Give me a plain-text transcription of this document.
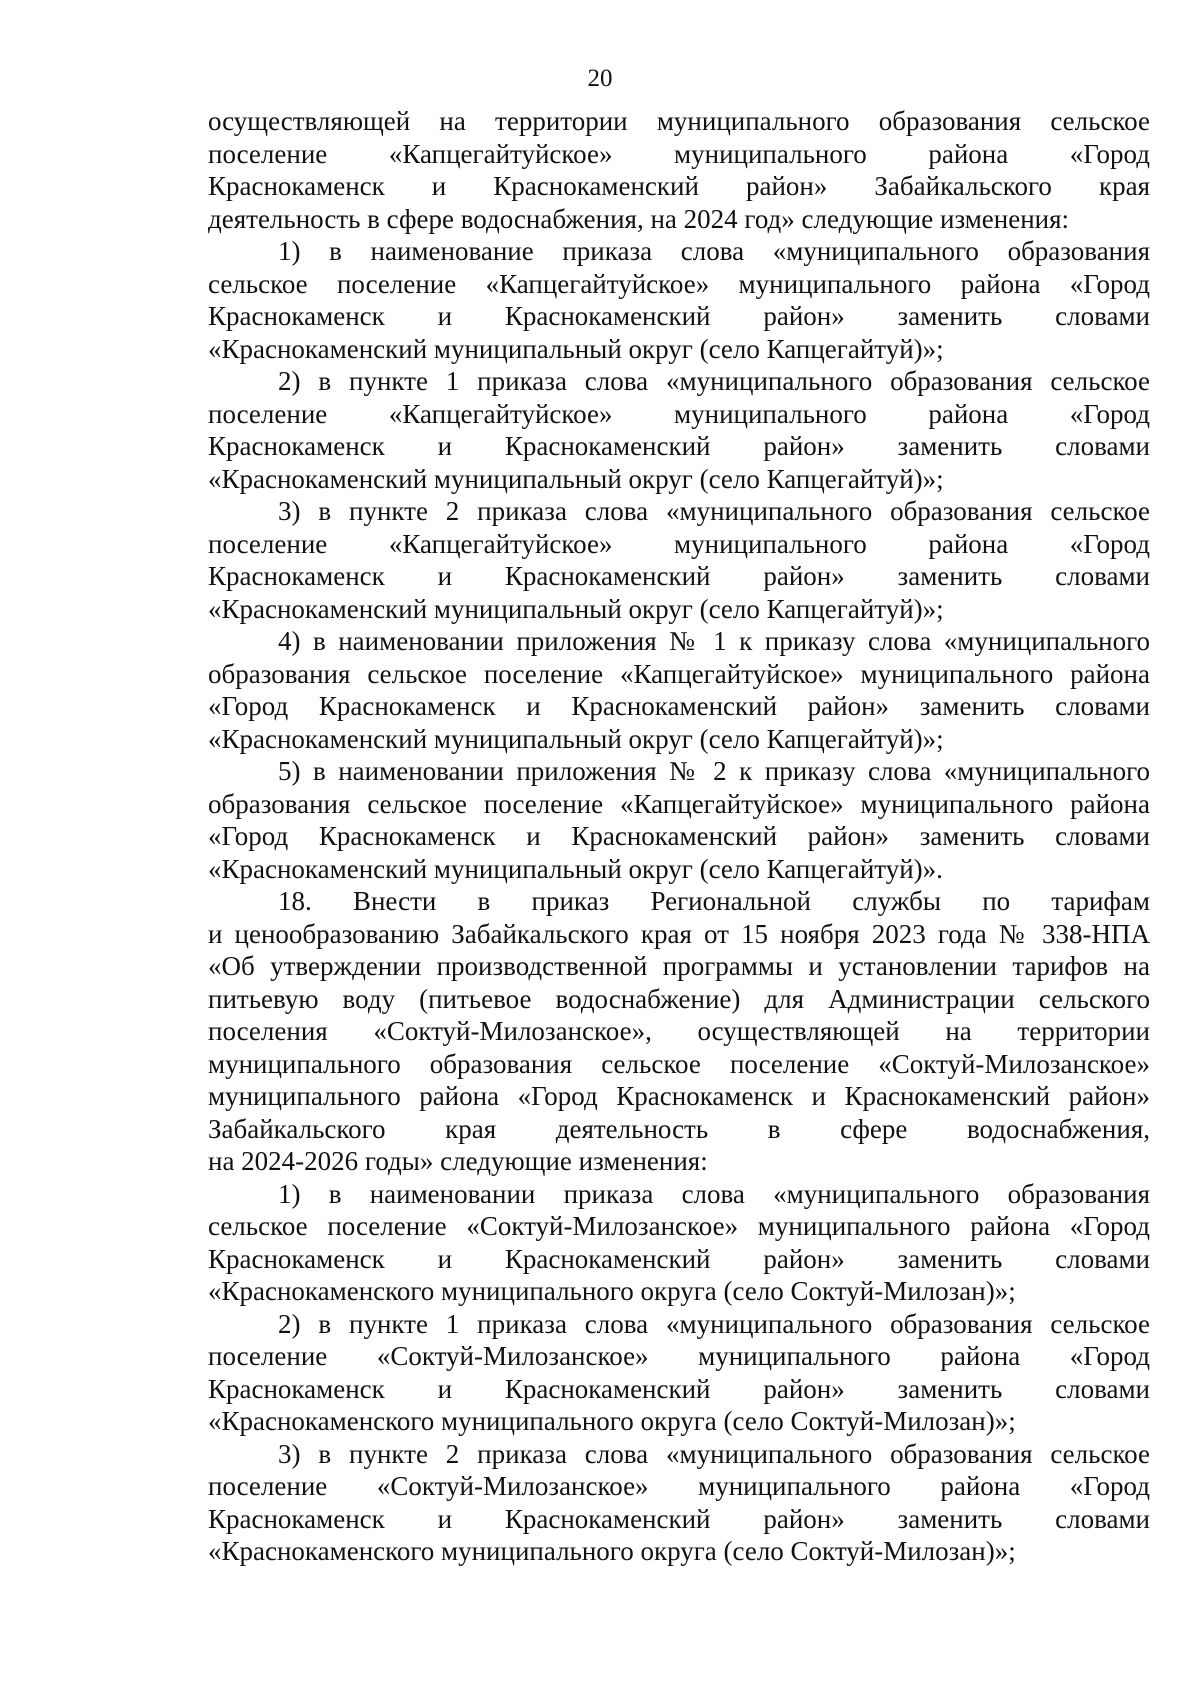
20
осуществляющей на территории муниципального образования сельское
поселение «Капцегайтуйское» муниципального района «Город
Краснокаменск и Краснокаменский район» Забайкальского края
деятельность в сфере водоснабжения, на 2024 год» следующие изменения:
1) в наименование приказа слова «муниципального образования
сельское поселение «Капцегайтуйское» муниципального района «Город
Краснокаменск и Краснокаменский район» заменить словами
«Краснокаменский муниципальный округ (село Капцегайтуй)»;
2) в пункте 1 приказа слова «муниципального образования сельское
поселение «Капцегайтуйское» муниципального района «Город
Краснокаменск и Краснокаменский район» заменить словами
«Краснокаменский муниципальный округ (село Капцегайтуй)»;
3) в пункте 2 приказа слова «муниципального образования сельское
поселение «Капцегайтуйское» муниципального района «Город
Краснокаменск и Краснокаменский район» заменить словами
«Краснокаменский муниципальный округ (село Капцегайтуй)»;
4) в наименовании приложения № 1 к приказу слова «муниципального
образования сельское поселение «Капцегайтуйское» муниципального района
«Город Краснокаменск и Краснокаменский район» заменить словами
«Краснокаменский муниципальный округ (село Капцегайтуй)»;
5) в наименовании приложения № 2 к приказу слова «муниципального
образования сельское поселение «Капцегайтуйское» муниципального района
«Город Краснокаменск и Краснокаменский район» заменить словами
«Краснокаменский муниципальный округ (село Капцегайтуй)».
18. Внести в приказ Региональной службы по тарифам
и ценообразованию Забайкальского края от 15 ноября 2023 года № 338-НПА
«Об утверждении производственной программы и установлении тарифов на
питьевую воду (питьевое водоснабжение) для Администрации сельского
поселения «Соктуй-Милозанское», осуществляющей на территории
муниципального образования сельское поселение «Соктуй-Милозанское»
муниципального района «Город Краснокаменск и Краснокаменский район»
Забайкальского края деятельность в сфере водоснабжения,
на 2024-2026 годы» следующие изменения:
1) в наименовании приказа слова «муниципального образования
сельское поселение «Соктуй-Милозанское» муниципального района «Город
Краснокаменск и Краснокаменский район» заменить словами
«Краснокаменского муниципального округа (село Соктуй-Милозан)»;
2) в пункте 1 приказа слова «муниципального образования сельское
поселение «Соктуй-Милозанское» муниципального района «Город
Краснокаменск и Краснокаменский район» заменить словами
«Краснокаменского муниципального округа (село Соктуй-Милозан)»;
3) в пункте 2 приказа слова «муниципального образования сельское
поселение «Соктуй-Милозанское» муниципального района «Город
Краснокаменск и Краснокаменский район» заменить словами
«Краснокаменского муниципального округа (село Соктуй-Милозан)»;
